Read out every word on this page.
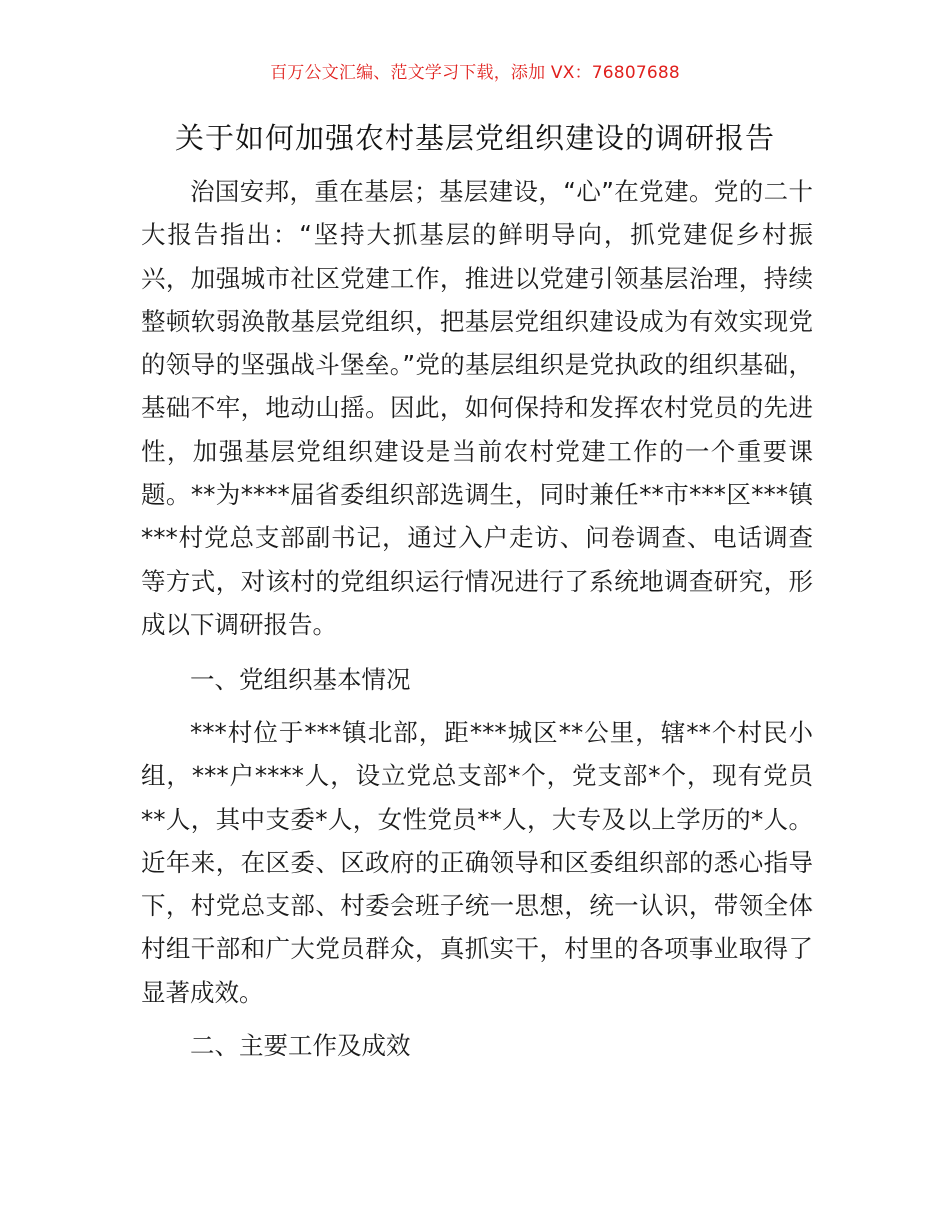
百万公文汇编、范文学习下载，添加 VX：76807688
关于如何加强农村基层党组织建设的调研报告

治国安邦，重在基层；基层建设，“心”在党建。党的二十大报告指出：“坚持大抓基层的鲜明导向，抓党建促乡村振兴，加强城市社区党建工作，推进以党建引领基层治理，持续整顿软弱涣散基层党组织，把基层党组织建设成为有效实现党的领导的坚强战斗堡垒。”党的基层组织是党执政的组织基础，基础不牢，地动山摇。因此，如何保持和发挥农村党员的先进性，加强基层党组织建设是当前农村党建工作的一个重要课题。**为****届省委组织部选调生，同时兼任**市***区***镇***村党总支部副书记，通过入户走访、问卷调查、电话调查等方式，对该村的党组织运行情况进行了系统地调查研究，形成以下调研报告。

一、党组织基本情况

***村位于***镇北部，距***城区**公里，辖**个村民小组，***户****人，设立党总支部*个，党支部*个，现有党员**人，其中支委*人，女性党员**人，大专及以上学历的*人。近年来，在区委、区政府的正确领导和区委组织部的悉心指导下，村党总支部、村委会班子统一思想，统一认识，带领全体村组干部和广大党员群众，真抓实干，村里的各项事业取得了显著成效。

二、主要工作及成效
